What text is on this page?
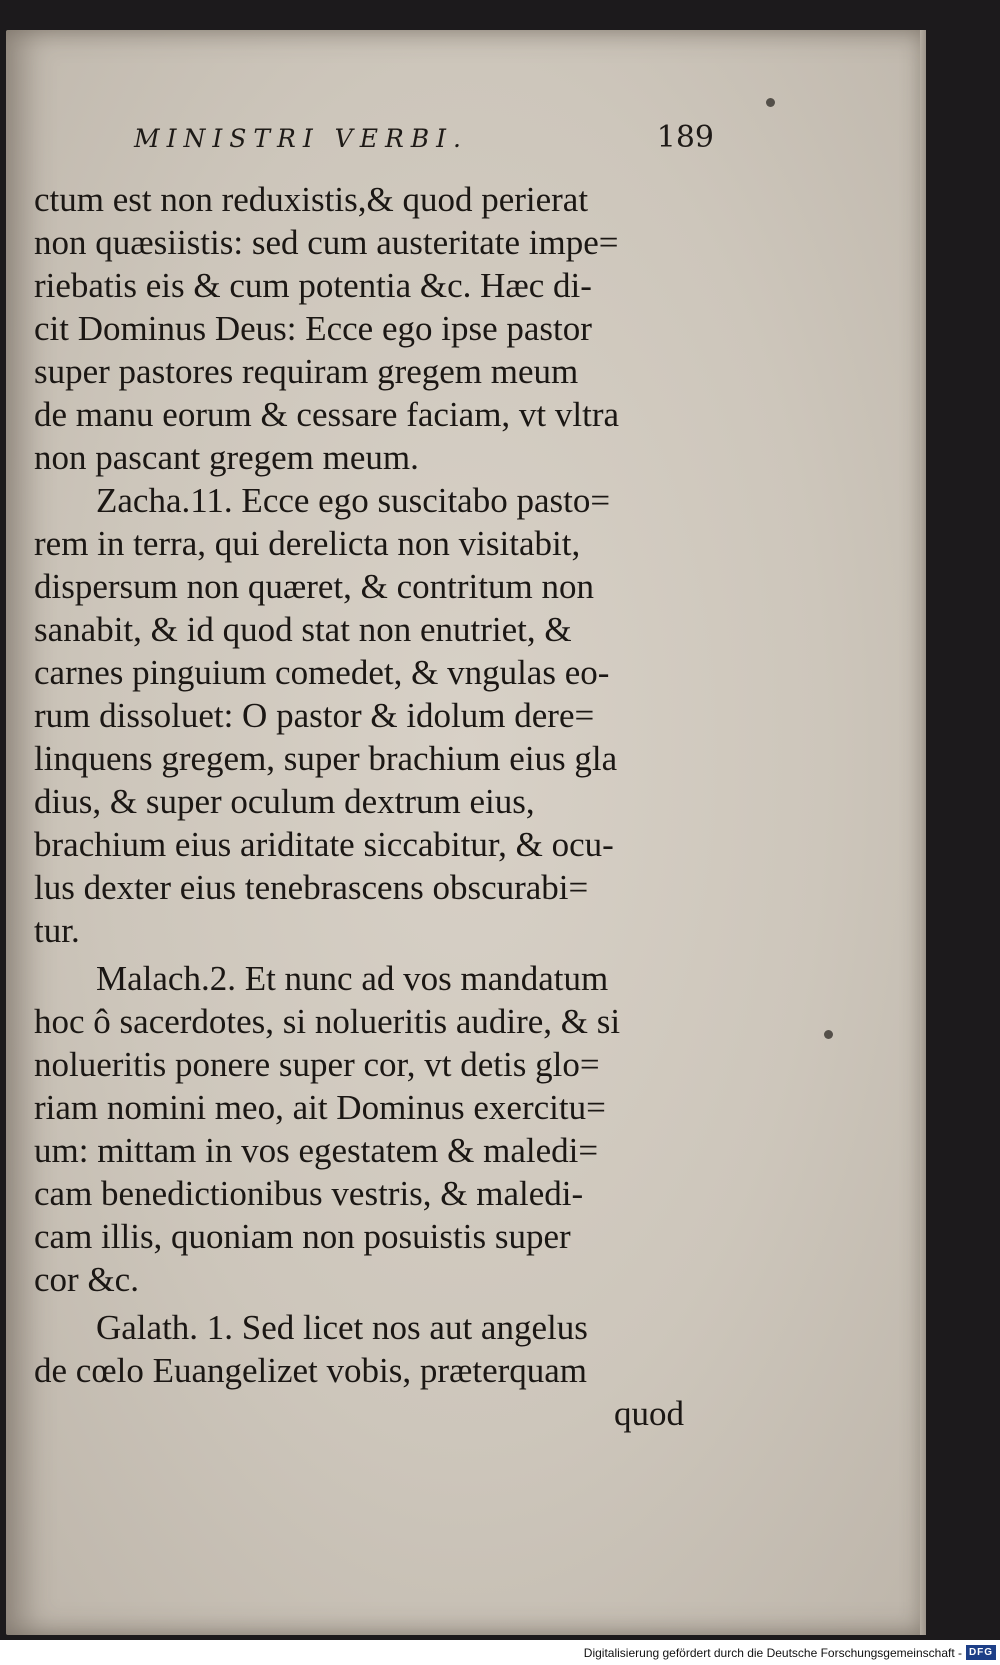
MINISTRI VERBI.	189
ctum est non reduxistis,& quod perierat
non quæsiistis: sed cum austeritate impe=
riebatis eis & cum potentia &c. Hæc di-
cit Dominus Deus: Ecce ego ipse pastor
super pastores requiram gregem meum
de manu eorum & cessare faciam, vt vltra
non pascant gregem meum.
Zacha.11. Ecce ego suscitabo pasto=
rem in terra, qui derelicta non visitabit,
dispersum non quæret, & contritum non
sanabit, & id quod stat non enutriet, &
carnes pinguium comedet, & vngulas eo-
rum dissoluet: O pastor & idolum dere=
linquens gregem, super brachium eius gla
dius, & super oculum dextrum eius,
brachium eius ariditate siccabitur, & ocu-
lus dexter eius tenebrascens obscurabi=
tur.
Malach.2. Et nunc ad vos mandatum
hoc ô sacerdotes, si nolueritis audire, & si
nolueritis ponere super cor, vt detis glo=
riam nomini meo, ait Dominus exercitu=
um: mittam in vos egestatem & maledi=
cam benedictionibus vestris, & maledi-
cam illis, quoniam non posuistis super
cor &c.
Galath. 1. Sed licet nos aut angelus
de cœlo Euangelizet vobis, præterquam
quod
Digitalisierung gefördert durch die Deutsche Forschungsgemeinschaft - DFG
